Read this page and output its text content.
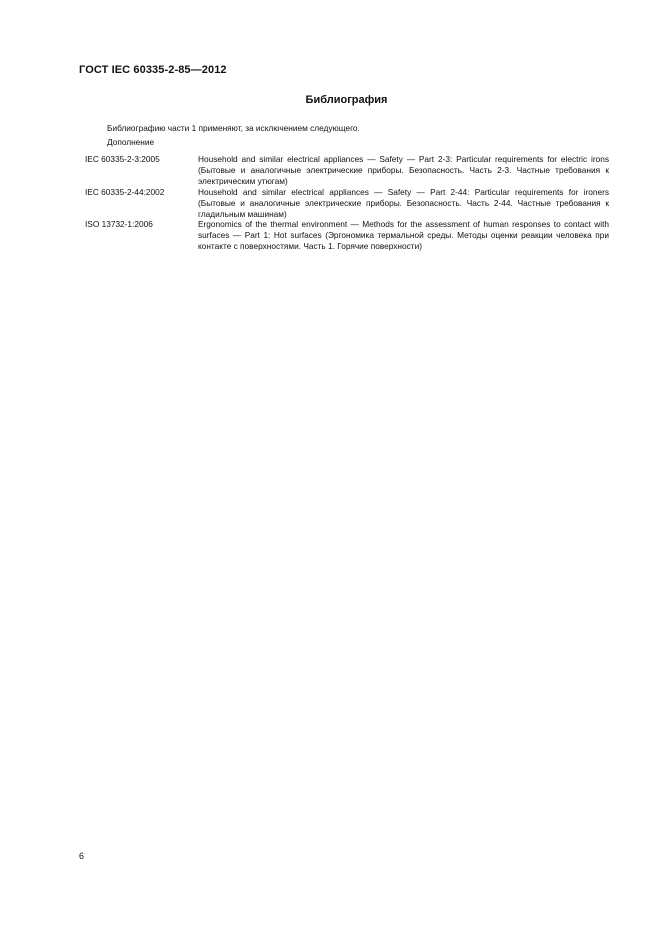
ГОСТ IEC 60335-2-85—2012
Библиография
Библиографию части 1 применяют, за исключением следующего.
Дополнение
IEC 60335-2-3:2005	Household and similar electrical appliances — Safety — Part 2-3: Particular requirements for electric irons (Бытовые и аналогичные электрические приборы. Безопасность. Часть 2-3. Частные требования к электрическим утюгам)
IEC 60335-2-44:2002	Household and similar electrical appliances — Safety — Part 2-44: Particular requirements for ironers (Бытовые и аналогичные электрические приборы. Безопасность. Часть 2-44. Частные требования к гладильным машинам)
ISO 13732-1:2006	Ergonomics of the thermal environment — Methods for the assessment of human responses to contact with surfaces — Part 1: Hot surfaces (Эргономика термальной среды. Методы оценки реакции человека при контакте с поверхностями. Часть 1. Горячие поверхности)
6
